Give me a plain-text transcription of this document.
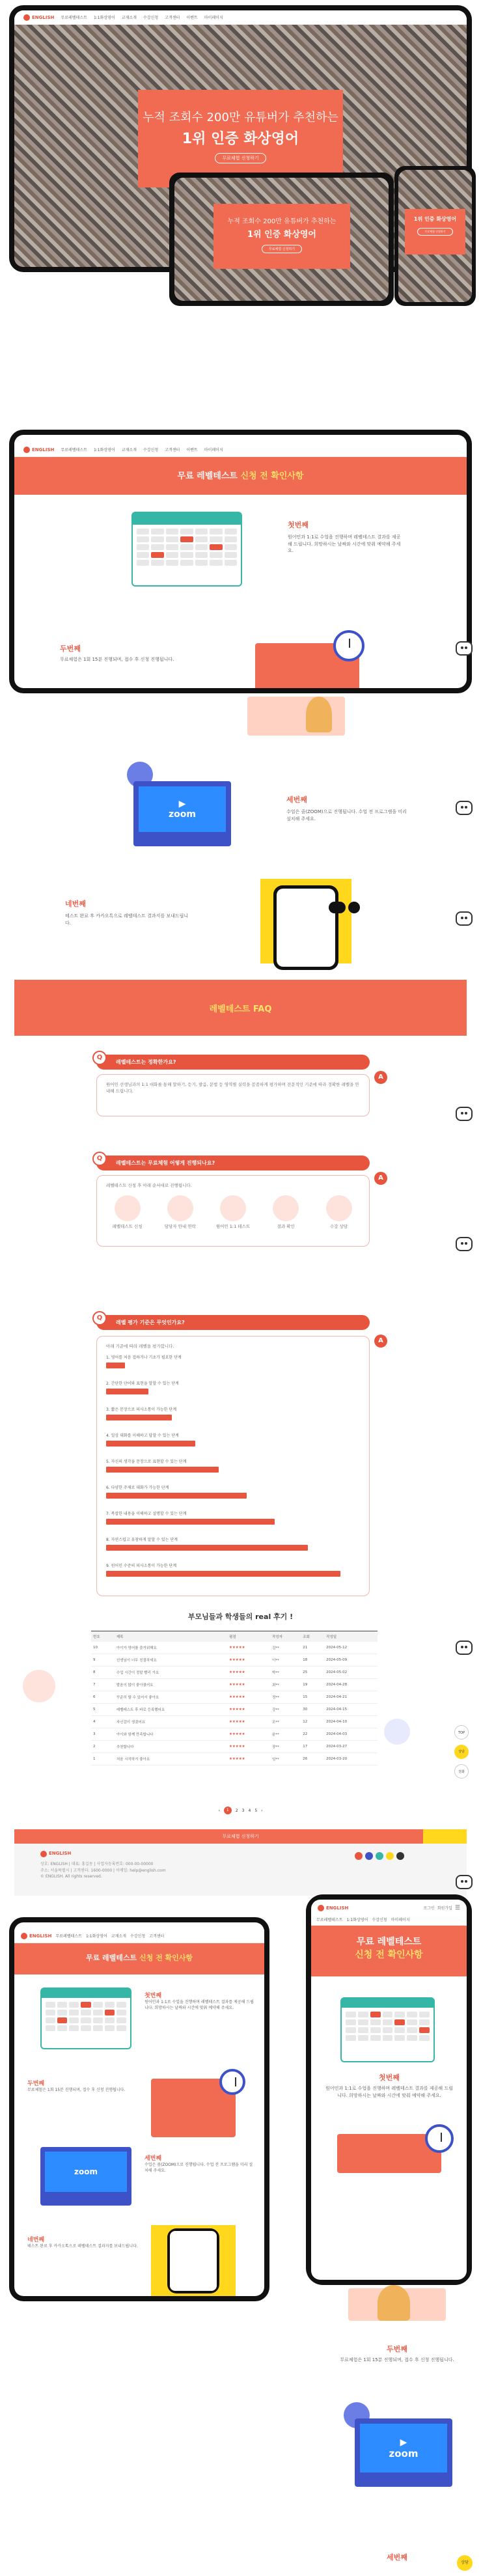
ENGLISH 무료레벨테스트 1:1화상영어 교재소개 수강신청 고객센터 이벤트 마이페이지
누적 조회수 200만 유튜버가 추천하는
1위 인증 화상영어
무료체험 신청하기
누적 조회수 200만 유튜버가 추천하는
1위 인증 화상영어
무료체험 신청하기
1위 인증 화상영어
무료체험 신청하기
ENGLISH 무료레벨테스트 1:1화상영어 교재소개 수강신청 고객센터 이벤트 마이페이지
무료 레벨테스트 신청 전 확인사항
첫번째
원어민과 1:1로 수업을 진행하며 레벨테스트 결과를 제공해 드립니다. 희망하시는 날짜와 시간에 맞춰 예약해 주세요.
두번째
무료체험은 1회 15분 진행되며, 접수 후 신청 진행됩니다.
▶
zoom
세번째
수업은 줌(ZOOM)으로 진행됩니다. 수업 전 프로그램을 미리 설치해 주세요.
네번째
테스트 완료 후 카카오톡으로 레벨테스트 결과지를 보내드립니다.
레벨테스트 FAQ
Q
레벨테스트는 정확한가요?
원어민 선생님과의 1:1 대화를 통해 말하기, 듣기, 발음, 문법 등 영역별 실력을 꼼꼼하게 평가하며 전문적인 기준에 따라 정확한 레벨을 안내해 드립니다.
A
Q
레벨테스트는 무료체험 어떻게 진행되나요?
레벨테스트 신청 후 아래 순서대로 진행됩니다.
레벨테스트 신청	담당자 안내 연락	원어민 1:1 테스트	결과 확인	수강 상담
A
Q
레벨 평가 기준은 무엇인가요?
아래 기준에 따라 레벨을 평가합니다.
1. 영어를 처음 접하거나 기초가 필요한 단계
2. 간단한 단어와 표현을 말할 수 있는 단계
3. 짧은 문장으로 의사소통이 가능한 단계
4. 일상 대화를 이해하고 답할 수 있는 단계
5. 자신의 생각을 문장으로 표현할 수 있는 단계
6. 다양한 주제로 대화가 가능한 단계
7. 복잡한 내용을 이해하고 설명할 수 있는 단계
8. 자연스럽고 유창하게 말할 수 있는 단계
9. 원어민 수준의 의사소통이 가능한 단계
A
부모님들과 학생들의 real 후기 !
번호	제목	평점	작성자	조회	작성일
10	아이가 영어를 즐거워해요	★★★★★	김**	21	2024-05-12
9	선생님이 너무 친절하세요	★★★★★	이**	18	2024-05-09
8	수업 시간이 정말 빨리 가요	★★★★★	박**	25	2024-05-02
7	발음이 많이 좋아졌어요	★★★★★	최**	19	2024-04-28
6	꾸준히 할 수 있어서 좋아요	★★★★★	정**	15	2024-04-21
5	레벨테스트 후 바로 등록했어요	★★★★★	강**	30	2024-04-15
4	자신감이 생겼어요	★★★★★	조**	12	2024-04-10
3	아이와 함께 만족합니다	★★★★★	윤**	22	2024-04-03
2	추천합니다	★★★★★	장**	17	2024-03-27
1	처음 시작하기 좋아요	★★★★★	임**	26	2024-03-20
TOP
상담
전화
‹	1	2 3 4 5 ›
무료체험 신청하기
ENGLISH
상호: ENGLISH | 대표: 홍길동 | 사업자등록번호: 000-00-00000
주소: 서울특별시 | 고객센터: 1600-0000 | 이메일: help@english.com
© ENGLISH. All rights reserved.
ENGLISH 무료레벨테스트 1:1화상영어 교재소개 수강신청 고객센터
무료 레벨테스트 신청 전 확인사항
첫번째
원어민과 1:1로 수업을 진행하며 레벨테스트 결과를 제공해 드립니다. 희망하시는 날짜와 시간에 맞춰 예약해 주세요.
두번째
무료체험은 1회 15분 진행되며, 접수 후 신청 진행됩니다.
zoom
세번째
수업은 줌(ZOOM)으로 진행됩니다. 수업 전 프로그램을 미리 설치해 주세요.
네번째
테스트 완료 후 카카오톡으로 레벨테스트 결과지를 보내드립니다.
ENGLISH	로그인 회원가입 ☰
무료레벨테스트 1:1화상영어 수강신청 마이페이지
무료 레벨테스트
신청 전 확인사항
첫번째
원어민과 1:1로 수업을 진행하며 레벨테스트 결과를 제공해 드립니다. 희망하시는 날짜와 시간에 맞춰 예약해 주세요.
두번째
무료체험은 1회 15분 진행되며, 접수 후 신청 진행됩니다.
▶
zoom
세번째
상담
